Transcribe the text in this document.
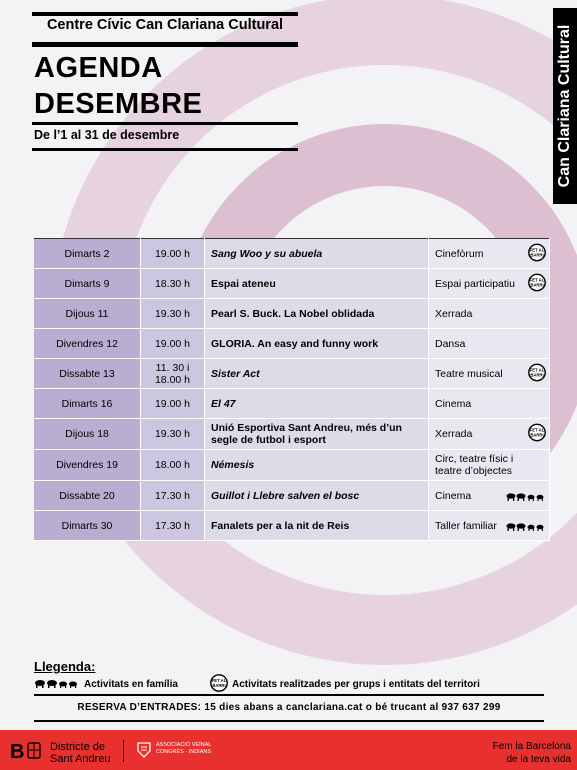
Centre Cívic Can Clariana Cultural
AGENDA
DESEMBRE
De l’1 al 31 de desembre	Can Clariana Cultural
Dimarts 2	19.00 h	Sang Woo y su abuela	Cinefòrum FET AL
BARRI

Dimarts 9	18.30 h	Espai ateneu	Espai participatiu FET AL
BARRI

Dijous 11	19.30 h	Pearl S. Buck. La Nobel oblidada	Xerrada
Divendres 12	19.00 h	GLORIA. An easy and funny work	Dansa
Dissabte 13	11. 30 i 18.00 h	Sister Act	Teatre musical FET AL
BARRI

Dimarts 16	19.00 h	El 47	Cinema
Dijous 18	19.30 h	Unió Esportiva Sant Andreu, més d’un segle de futbol i esport	Xerrada FET AL
BARRI

Divendres 19	18.00 h	Némesis	Circ, teatre físic i teatre d’objectes
Dissabte 20	17.30 h	Guillot i Llebre salven el bosc	Cinema

Dimarts 30	17.30 h	Fanalets per a la nit de Reis	Taller familiar
Llegenda:
Activitats en família	FET AL
BARRI Activitats realitzades per grups i entitats del territori
RESERVA D’ENTRADES: 15 dies abans a canclariana.cat o bé trucant al 937 637 299
B Districte de
Sant Andreu
ASSOCIACIÓ VEÏNAL
CONGRÉS - INDIANS	Fem la Barcelona
de la teva vida
